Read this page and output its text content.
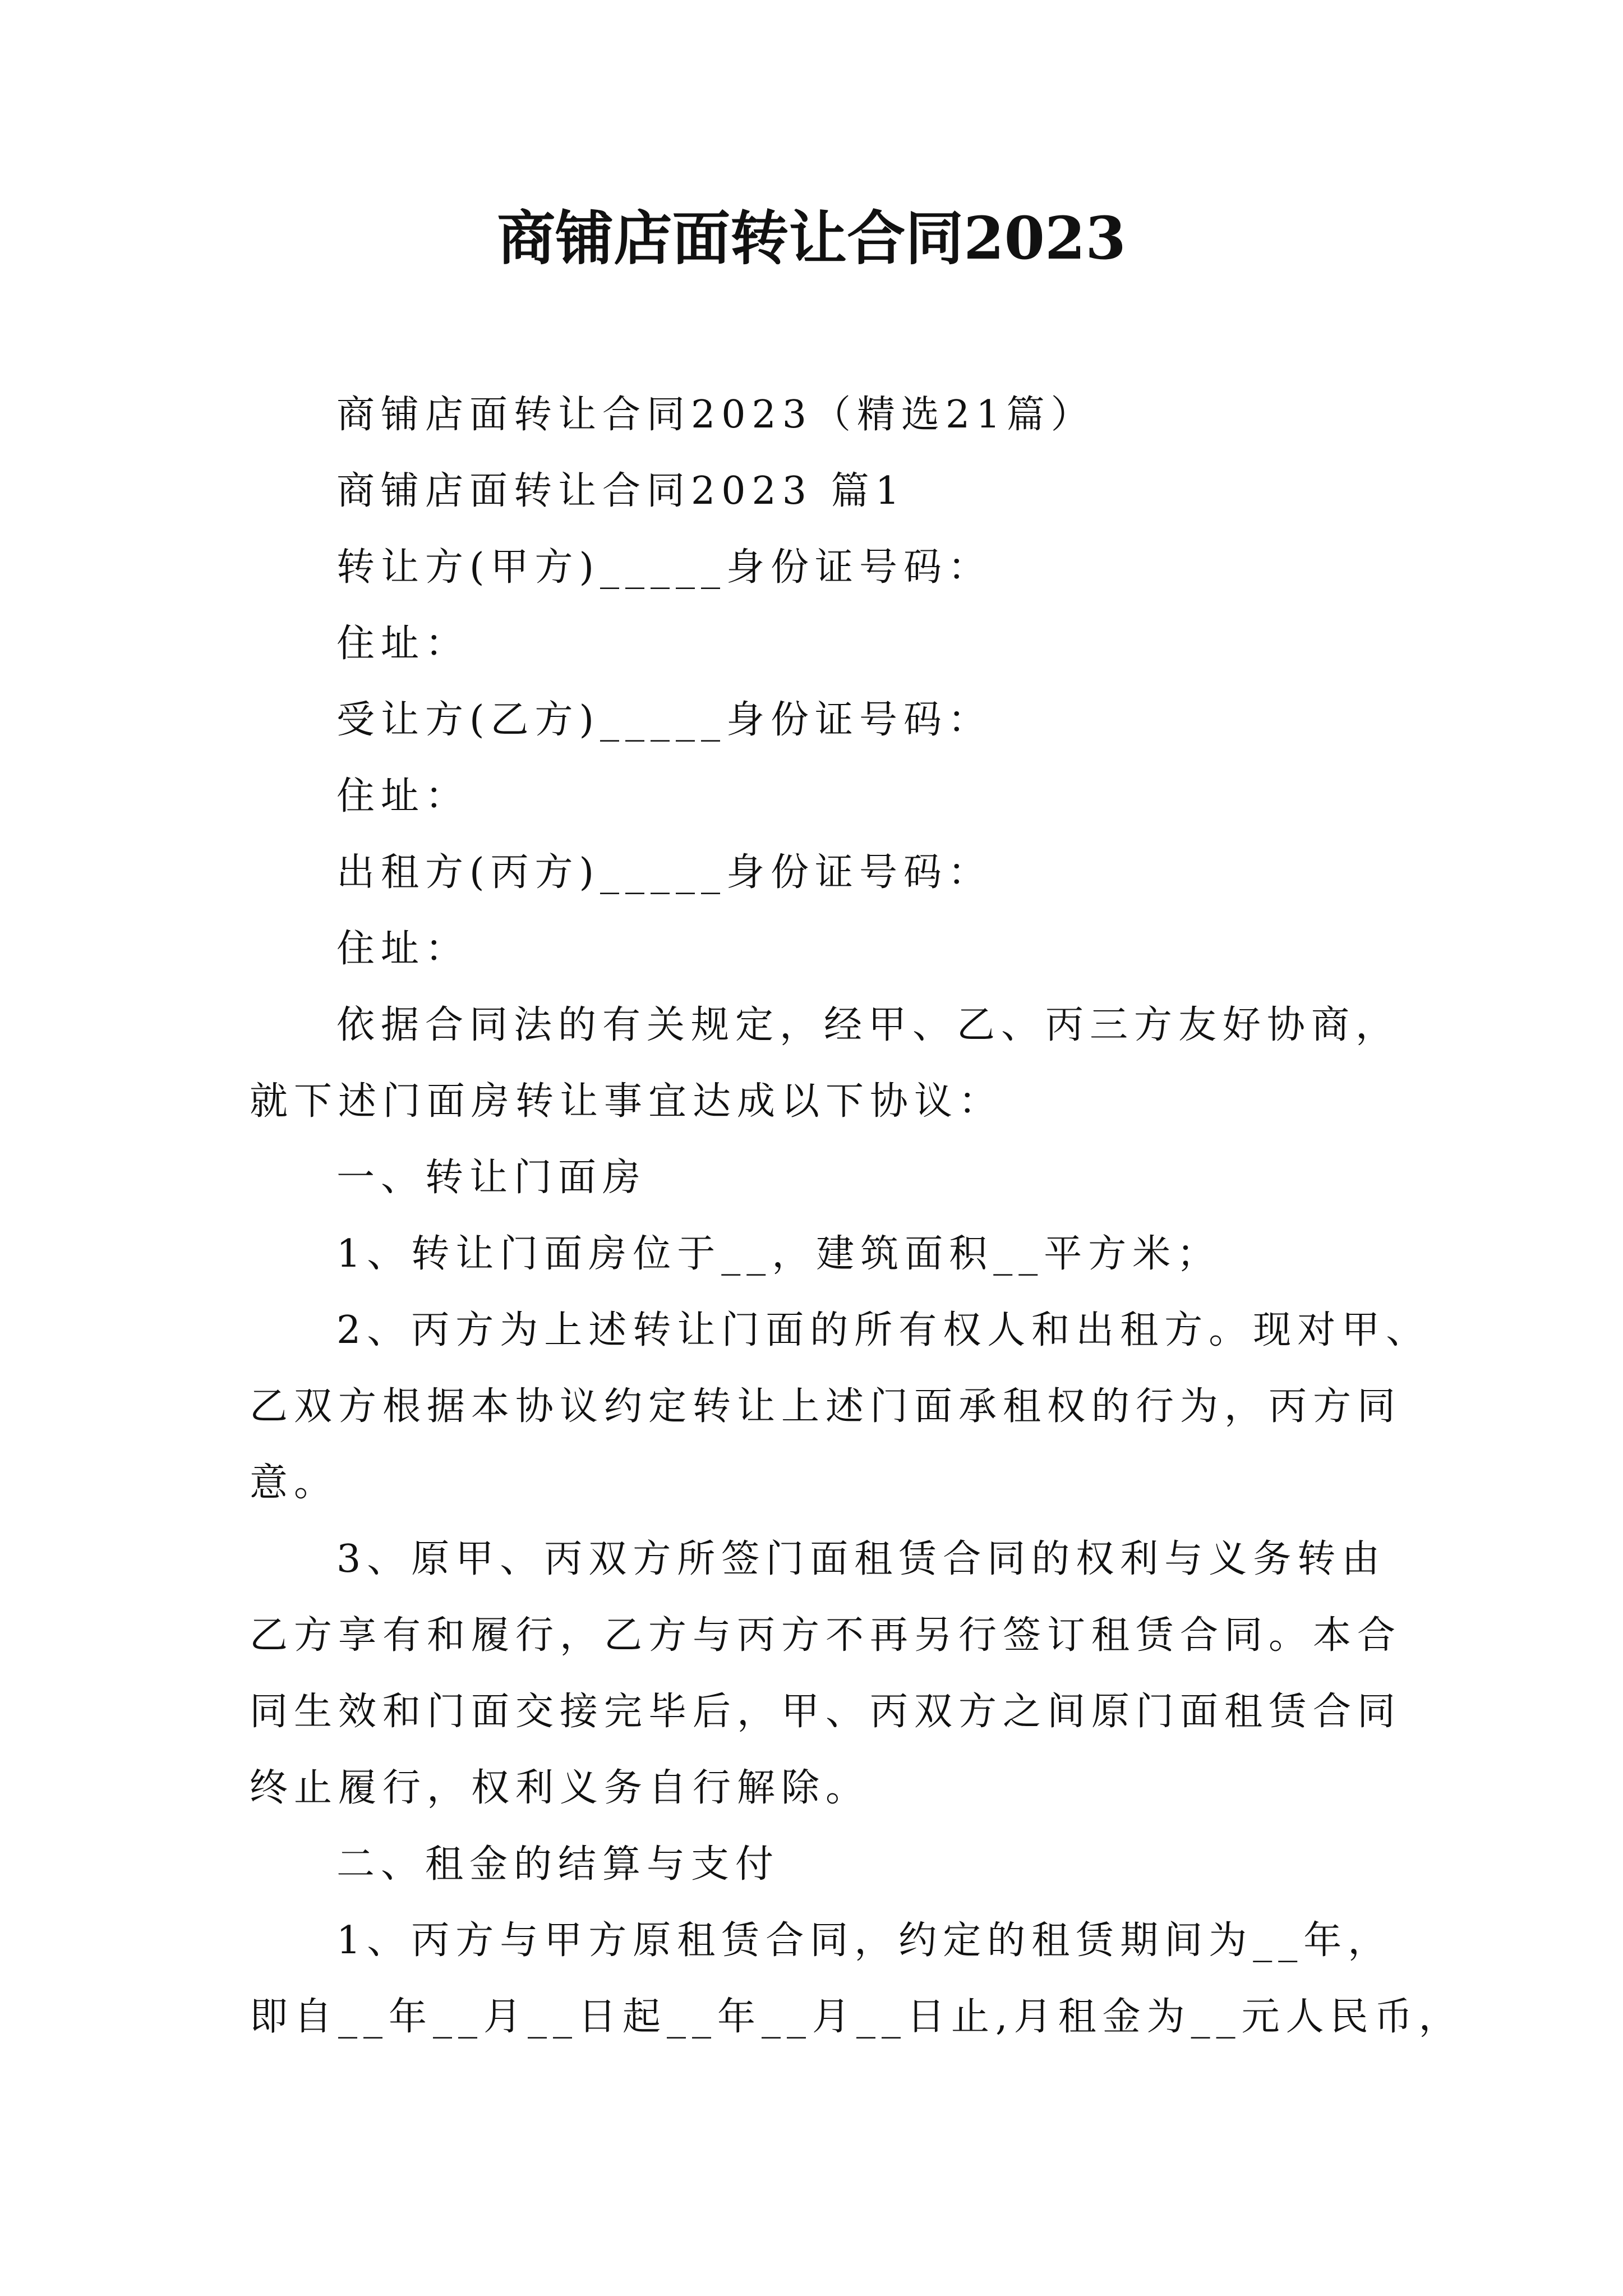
商铺店面转让合同2023

商铺店面转让合同2023（精选21篇）

商铺店面转让合同2023 篇1

转让方(甲方)_____身份证号码：

住址：

受让方(乙方)_____身份证号码：

住址：

出租方(丙方)_____身份证号码：

住址：

依据合同法的有关规定，经甲、乙、丙三方友好协商，

就下述门面房转让事宜达成以下协议：

一、转让门面房

1、转让门面房位于__，建筑面积__平方米；

2、丙方为上述转让门面的所有权人和出租方。现对甲、

乙双方根据本协议约定转让上述门面承租权的行为，丙方同

意。

3、原甲、丙双方所签门面租赁合同的权利与义务转由

乙方享有和履行，乙方与丙方不再另行签订租赁合同。本合

同生效和门面交接完毕后，甲、丙双方之间原门面租赁合同

终止履行，权利义务自行解除。

二、租金的结算与支付

1、丙方与甲方原租赁合同，约定的租赁期间为__年，

即自__年__月__日起__年__月__日止,月租金为__元人民币，
